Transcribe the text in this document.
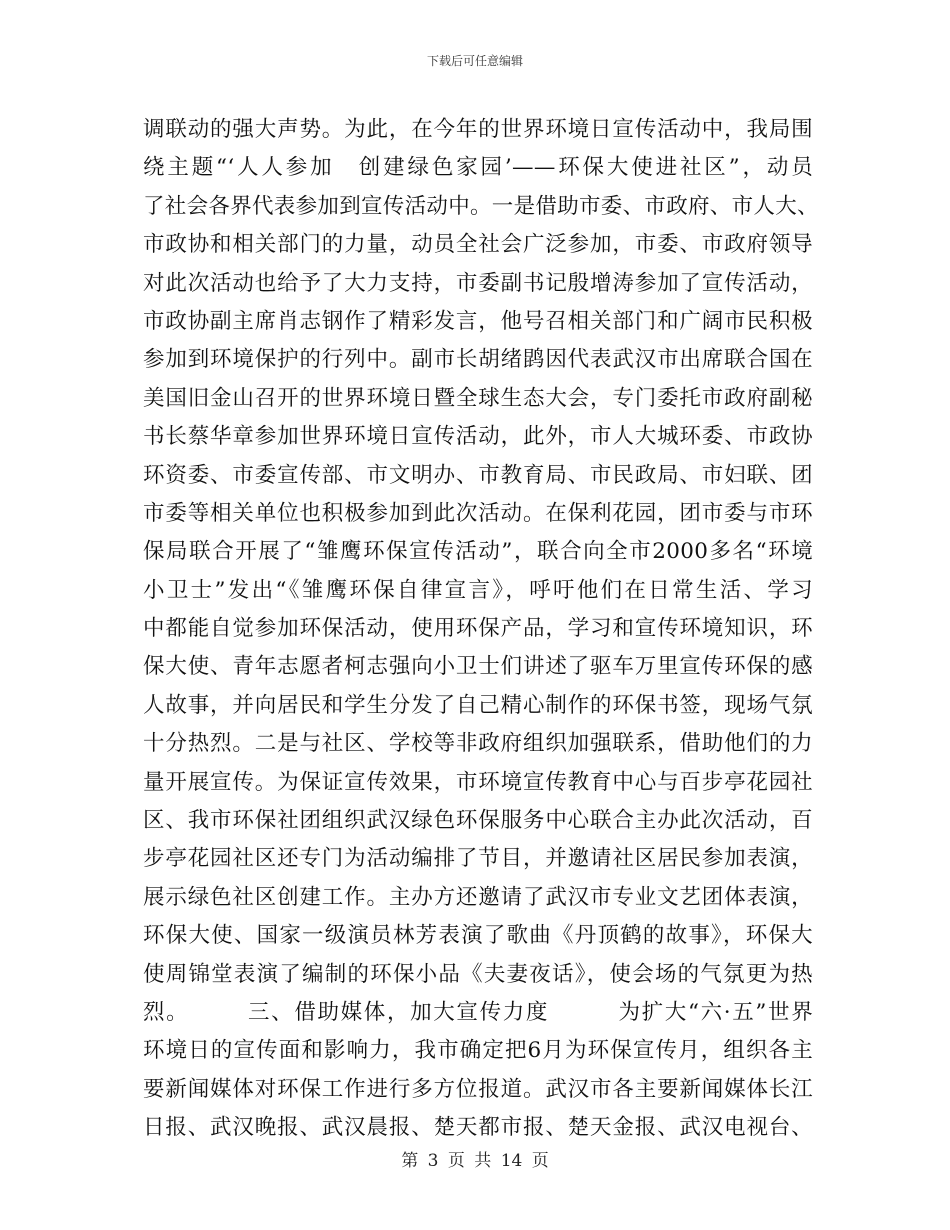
下载后可任意编辑
调联动的强大声势。为此，在今年的世界环境日宣传活动中，我局围
绕主题“‘人人参加　创建绿色家园’——环保大使进社区”，动员
了社会各界代表参加到宣传活动中。一是借助市委、市政府、市人大、
市政协和相关部门的力量，动员全社会广泛参加，市委、市政府领导
对此次活动也给予了大力支持，市委副书记殷增涛参加了宣传活动，
市政协副主席肖志钢作了精彩发言，他号召相关部门和广阔市民积极
参加到环境保护的行列中。副市长胡绪鹍因代表武汉市出席联合国在
美国旧金山召开的世界环境日暨全球生态大会，专门委托市政府副秘
书长蔡华章参加世界环境日宣传活动，此外，市人大城环委、市政协
环资委、市委宣传部、市文明办、市教育局、市民政局、市妇联、团
市委等相关单位也积极参加到此次活动。在保利花园，团市委与市环
保局联合开展了“雏鹰环保宣传活动”，联合向全市2000多名“环境
小卫士”发出“《雏鹰环保自律宣言》，呼吁他们在日常生活、学习
中都能自觉参加环保活动，使用环保产品，学习和宣传环境知识，环
保大使、青年志愿者柯志强向小卫士们讲述了驱车万里宣传环保的感
人故事，并向居民和学生分发了自己精心制作的环保书签，现场气氛
十分热烈。二是与社区、学校等非政府组织加强联系，借助他们的力
量开展宣传。为保证宣传效果，市环境宣传教育中心与百步亭花园社
区、我市环保社团组织武汉绿色环保服务中心联合主办此次活动，百
步亭花园社区还专门为活动编排了节目，并邀请社区居民参加表演，
展示绿色社区创建工作。主办方还邀请了武汉市专业文艺团体表演，
环保大使、国家一级演员林芳表演了歌曲《丹顶鹤的故事》，环保大
使周锦堂表演了编制的环保小品《夫妻夜话》，使会场的气氛更为热
烈。　　　三、借助媒体，加大宣传力度　　　为扩大“六·五”世界
环境日的宣传面和影响力，我市确定把6月为环保宣传月，组织各主
要新闻媒体对环保工作进行多方位报道。武汉市各主要新闻媒体长江
日报、武汉晚报、武汉晨报、楚天都市报、楚天金报、武汉电视台、
第 3 页 共 14 页
